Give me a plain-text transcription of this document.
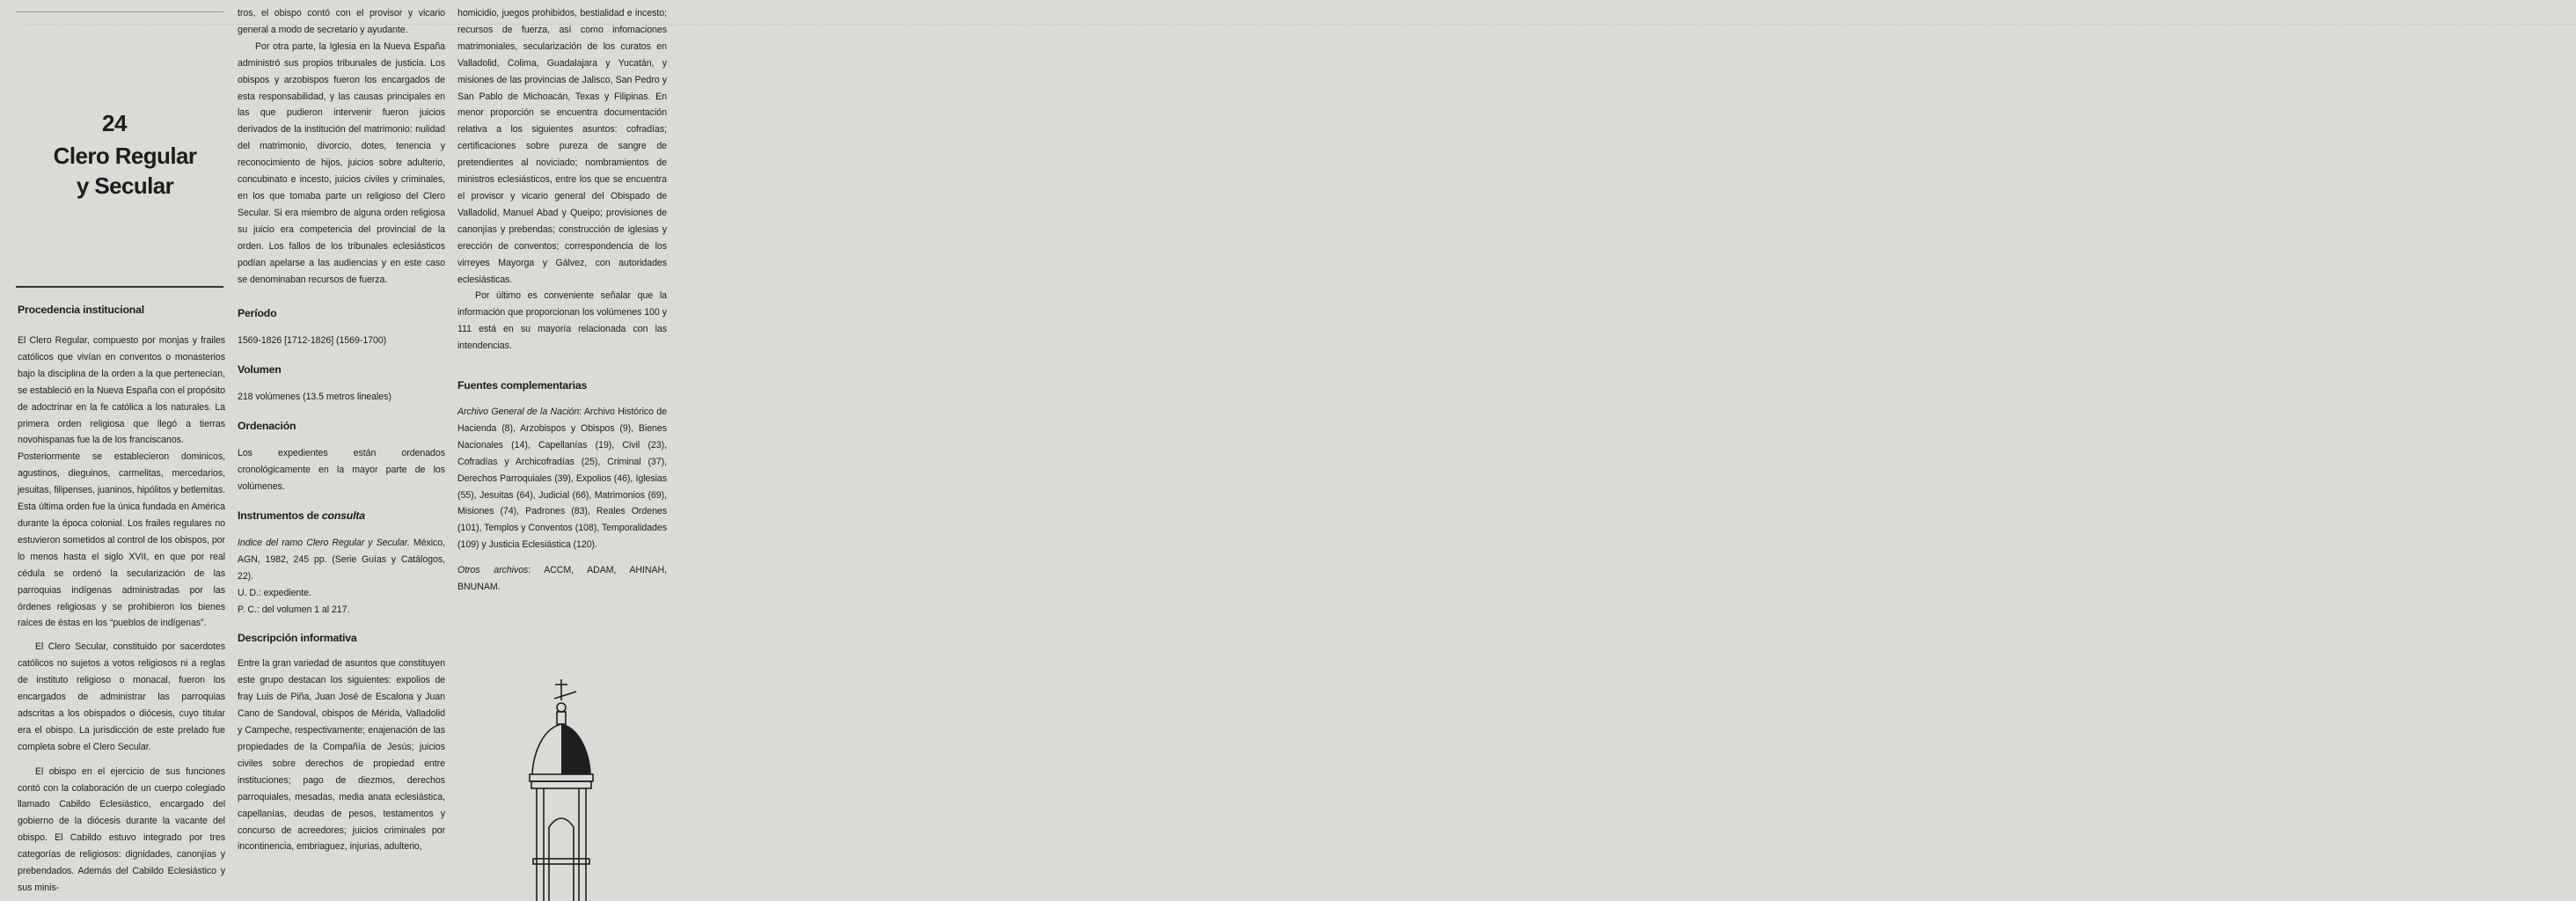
......................................................................................................................................................................................................................................................................................................................................................................................................................................................................................................................................................................................................................................................................................................................................................................................................................................................................................................................................................................................................................................................................................
24
Clero Regular
y Secular
Procedencia institucional

El Clero Regular, compuesto por monjas y frailes católicos que vivían en conventos o monasterios bajo la disciplina de la orden a la que pertenecían, se estableció en la Nueva España con el propósito de adoctrinar en la fe católica a los naturales. La primera orden religiosa que llegó a tierras novohispanas fue la de los franciscanos.

Posteriormente se establecieron dominicos, agustinos, dieguinos, carmelitas, mercedarios, jesuitas, filipenses, juaninos, hipólitos y betlemitas. Esta última orden fue la única fundada en América durante la época colonial. Los frailes regulares no estuvieron sometidos al control de los obispos, por lo menos hasta el siglo XVII, en que por real cédula se ordenó la secularización de las parroquias indígenas administradas por las órdenes religiosas y se prohibieron los bienes raíces de éstas en los “pueblos de indígenas”.

El Clero Secular, constituido por sacerdotes católicos no sujetos a votos religiosos ni a reglas de instituto religioso o monacal, fueron los encargados de administrar las parroquias adscritas a los obispados o diócesis, cuyo titular era el obispo. La jurisdicción de este prelado fue completa sobre el Clero Secular.

El obispo en el ejercicio de sus funciones contó con la colaboración de un cuerpo colegiado llamado Cabildo Eclesiástico, encargado del gobierno de la diócesis durante la vacante del obispo. El Cabildo estuvo integrado por tres categorías de religiosos: dignidades, canonjías y prebendados. Además del Cabildo Eclesiástico y sus minis-

tros, el obispo contó con el provisor y vicario general a modo de secretario y ayudante.

Por otra parte, la Iglesia en la Nueva España administró sus propios tribunales de justicia. Los obispos y arzobispos fueron los encargados de esta responsabilidad, y las causas principales en las que pudieron intervenir fueron juicios derivados de la institución del matrimonio: nulidad del matrimonio, divorcio, dotes, tenencia y reconocimiento de hijos, juicios sobre adulterio, concubinato e incesto, juicios civiles y criminales, en los que tomaba parte un religioso del Clero Secular. Si era miembro de alguna orden religiosa su juicio era competencia del provincial de la orden. Los fallos de los tribunales eclesiásticos podían apelarse a las audiencias y en este caso se denominaban recursos de fuerza.

Período

1569-1826 [1712-1826] (1569-1700)

Volumen

218 volúmenes (13.5 metros lineales)

Ordenación

Los expedientes están ordenados cronológicamente en la mayor parte de los volúmenes.

Instrumentos de consulta

Indice del ramo Clero Regular y Secular. México, AGN, 1982, 245 pp. (Serie Guías y Catálogos, 22).

U. D.: expediente.

P. C.: del volumen 1 al 217.

Descripción informativa

Entre la gran variedad de asuntos que constituyen este grupo destacan los siguientes: expolios de fray Luis de Piña, Juan José de Escalona y Juan Cano de Sandoval, obispos de Mérida, Valladolid y Campeche, respectivamente; enajenación de las propiedades de la Compañía de Jesús; juicios civiles sobre derechos de propiedad entre instituciones; pago de diezmos, derechos parroquiales, mesadas, media anata eclesiástica, capellanías, deudas de pesos, testamentos y concurso de acreedores; juicios criminales por incontinencia, embriaguez, injurias, adulterio,

homicidio, juegos prohibidos, bestialidad e incesto; recursos de fuerza, así como infomaciones matrimoniales, secularización de los curatos en Valladolid, Colima, Guadalajara y Yucatán, y misiones de las provincias de Jalisco, San Pedro y San Pablo de Michoacán, Texas y Filipinas. En menor proporción se encuentra documentación relativa a los siguientes asuntos: cofradías; certificaciones sobre pureza de sangre de pretendientes al noviciado; nombramientos de ministros eclesiásticos, entre los que se encuentra el provisor y vicario general del Obispado de Valladolid, Manuel Abad y Queipo; provisiones de canonjías y prebendas; construcción de iglesias y erección de conventos; correspondencia de los virreyes Mayorga y Gálvez, con autoridades eclesiásticas.

Por último es conveniente señalar que la información que proporcionan los volúmenes 100 y 111 está en su mayoría relacionada con las intendencias.

Fuentes complementarias

Archivo General de la Nación: Archivo Histórico de Hacienda (8), Arzobispos y Obispos (9), Bienes Nacionales (14), Capellanías (19), Civil (23), Cofradías y Archicofradías (25), Criminal (37), Derechos Parroquiales (39), Expolios (46), Iglesias (55), Jesuitas (64), Judicial (66), Matrimonios (69), Misiones (74), Padrones (83), Reales Ordenes (101), Templos y Conventos (108), Temporalidades (109) y Justicia Eclesiástica (120).

Otros archivos: ACCM, ADAM, AHINAH, BNUNAM.
